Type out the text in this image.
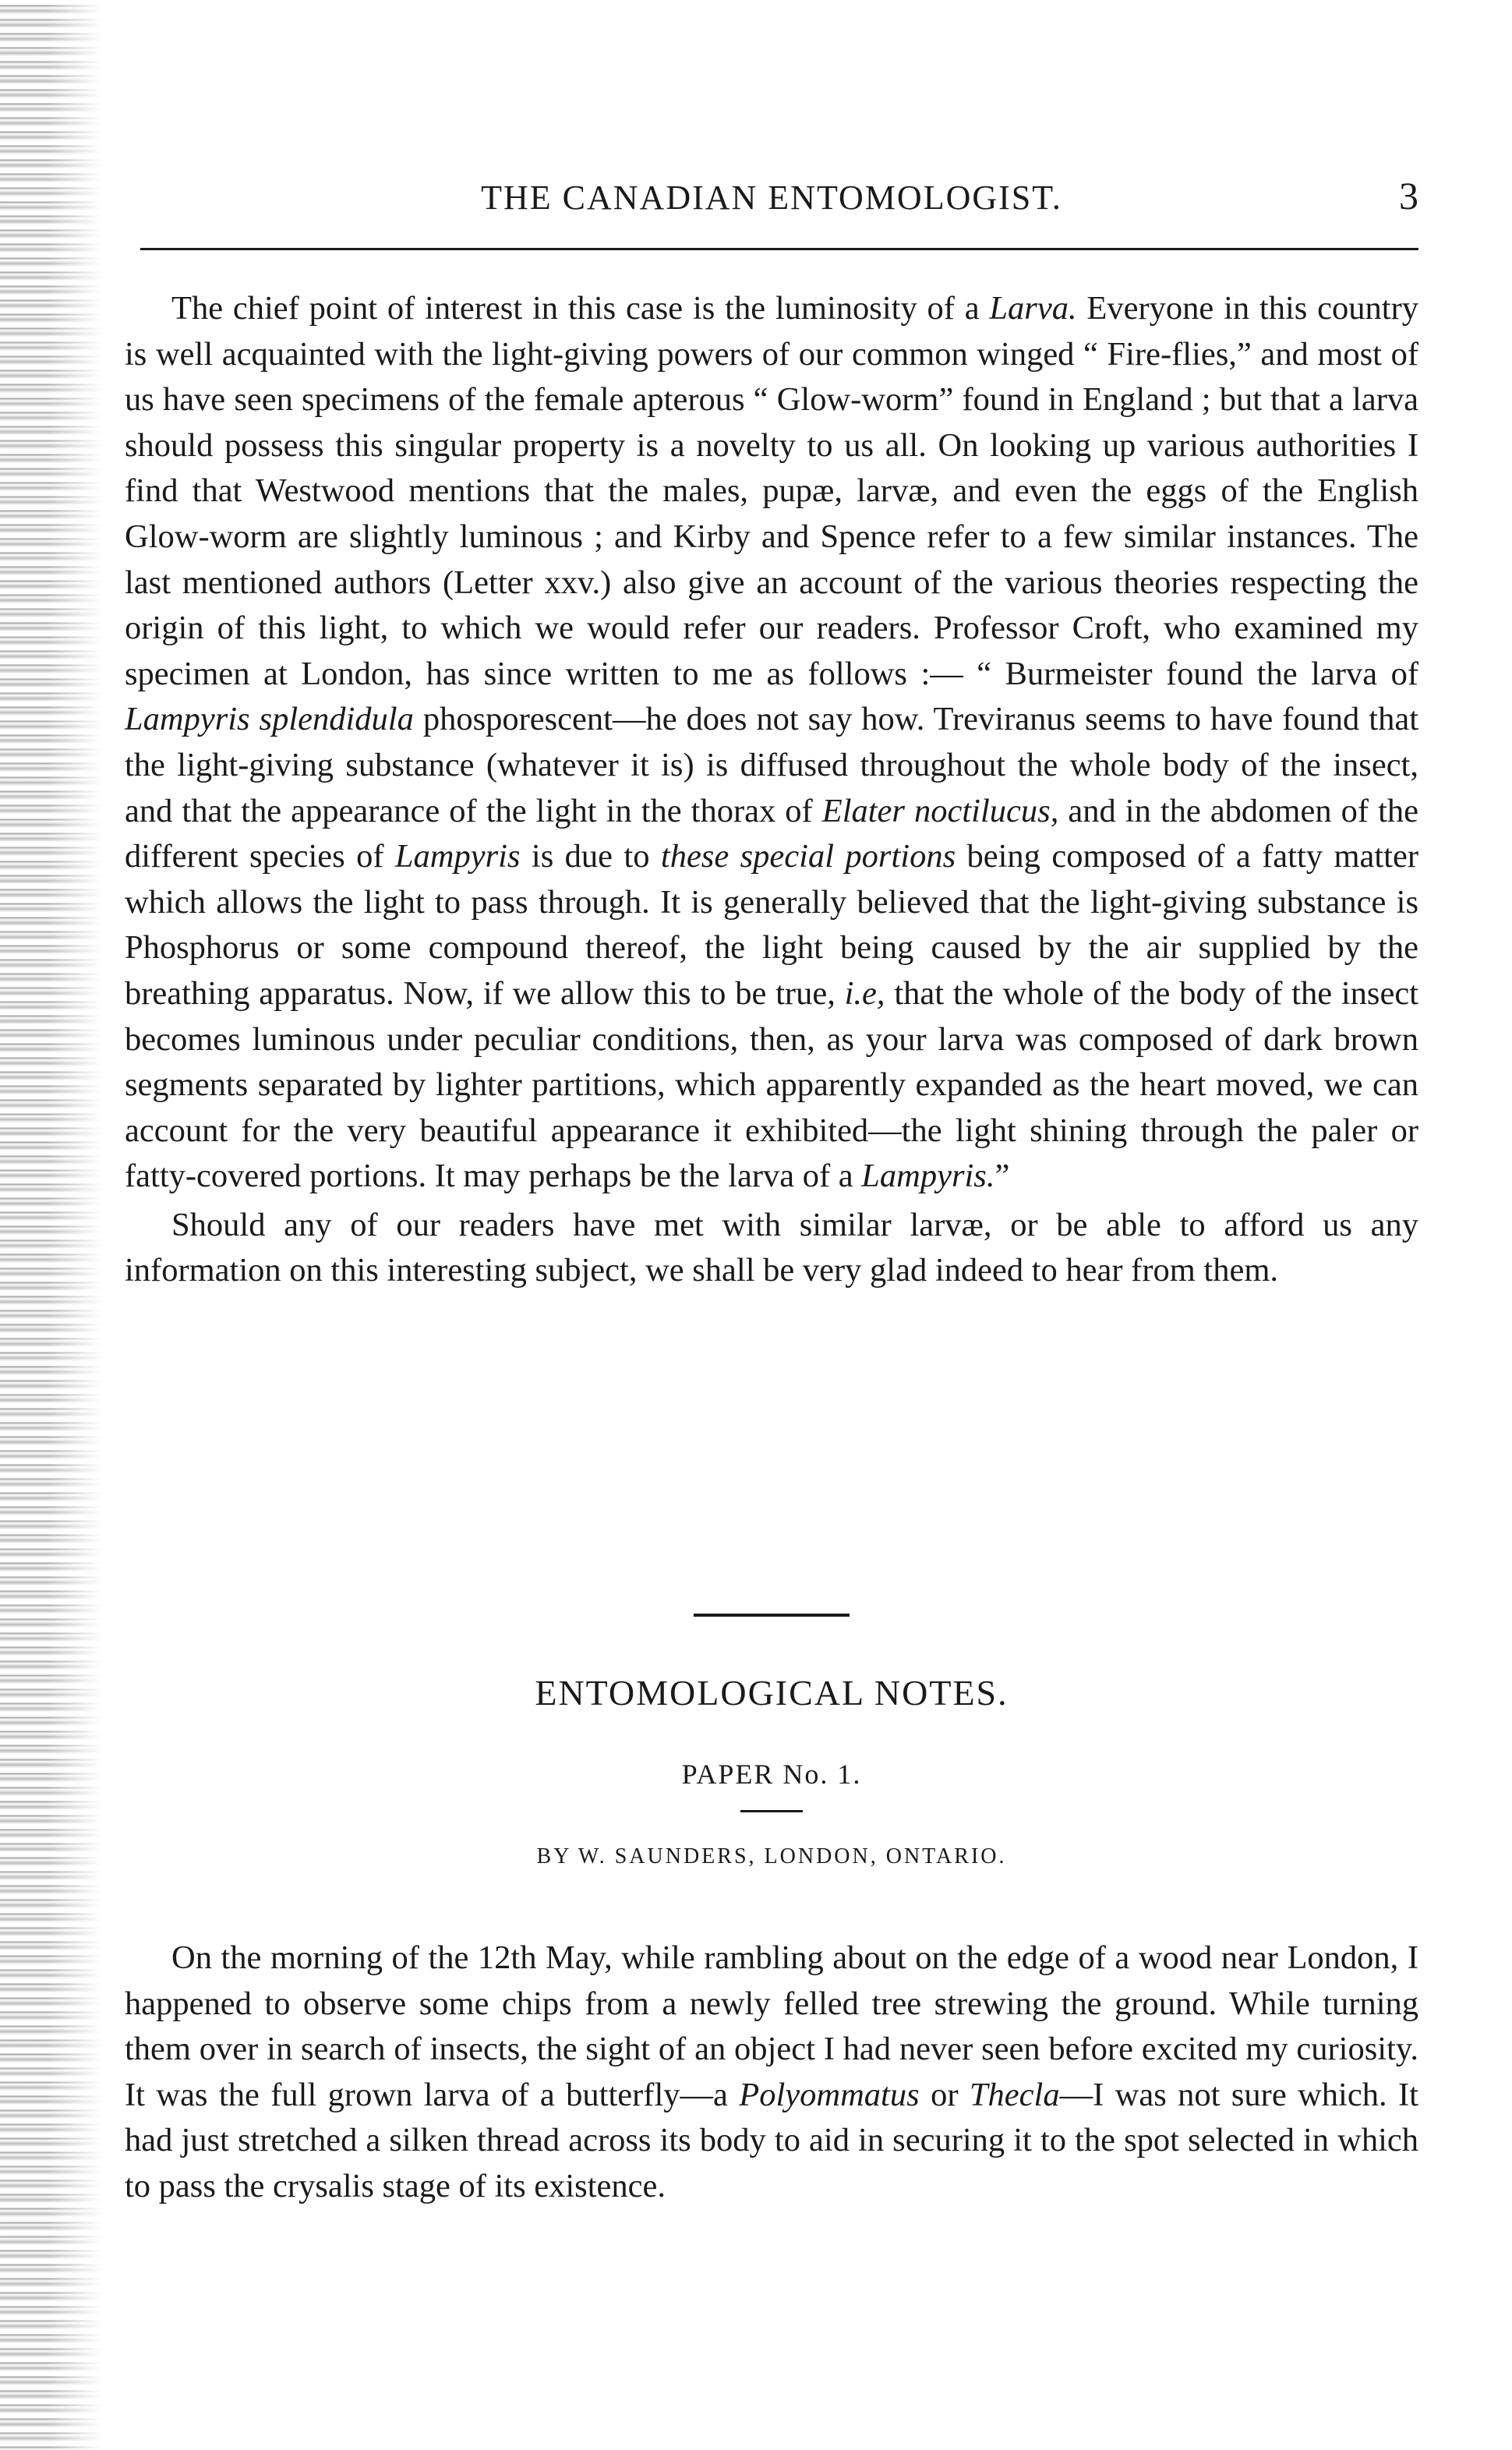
THE CANADIAN ENTOMOLOGIST.	3

The chief point of interest in this case is the luminosity of a Larva. Everyone in this country is well acquainted with the light-giving powers of our common winged “ Fire-flies,” and most of us have seen specimens of the female apterous “ Glow-worm” found in England ; but that a larva should possess this singular property is a novelty to us all. On looking up various authorities I find that Westwood mentions that the males, pupæ, larvæ, and even the eggs of the English Glow-worm are slightly luminous ; and Kirby and Spence refer to a few similar instances. The last mentioned authors (Letter xxv.) also give an account of the various theories respecting the origin of this light, to which we would refer our readers. Professor Croft, who examined my specimen at London, has since written to me as follows :— “ Burmeister found the larva of Lampyris splendidula phosporescent—he does not say how. Treviranus seems to have found that the light-giving substance (whatever it is) is diffused throughout the whole body of the insect, and that the appearance of the light in the thorax of Elater noctilucus, and in the abdomen of the different species of Lampyris is due to these special portions being composed of a fatty matter which allows the light to pass through. It is generally believed that the light-giving substance is Phosphorus or some compound thereof, the light being caused by the air supplied by the breathing apparatus. Now, if we allow this to be true, i.e, that the whole of the body of the insect becomes luminous under peculiar conditions, then, as your larva was composed of dark brown segments separated by lighter partitions, which apparently expanded as the heart moved, we can account for the very beautiful appearance it exhibited—the light shining through the paler or fatty-covered portions. It may perhaps be the larva of a Lampyris.”

Should any of our readers have met with similar larvæ, or be able to afford us any information on this interesting subject, we shall be very glad indeed to hear from them.

ENTOMOLOGICAL NOTES.
PAPER No. 1.
BY W. SAUNDERS, LONDON, ONTARIO.

On the morning of the 12th May, while rambling about on the edge of a wood near London, I happened to observe some chips from a newly felled tree strewing the ground. While turning them over in search of insects, the sight of an object I had never seen before excited my curiosity. It was the full grown larva of a butterfly—a Polyommatus or Thecla—I was not sure which. It had just stretched a silken thread across its body to aid in securing it to the spot selected in which to pass the crysalis stage of its existence.
